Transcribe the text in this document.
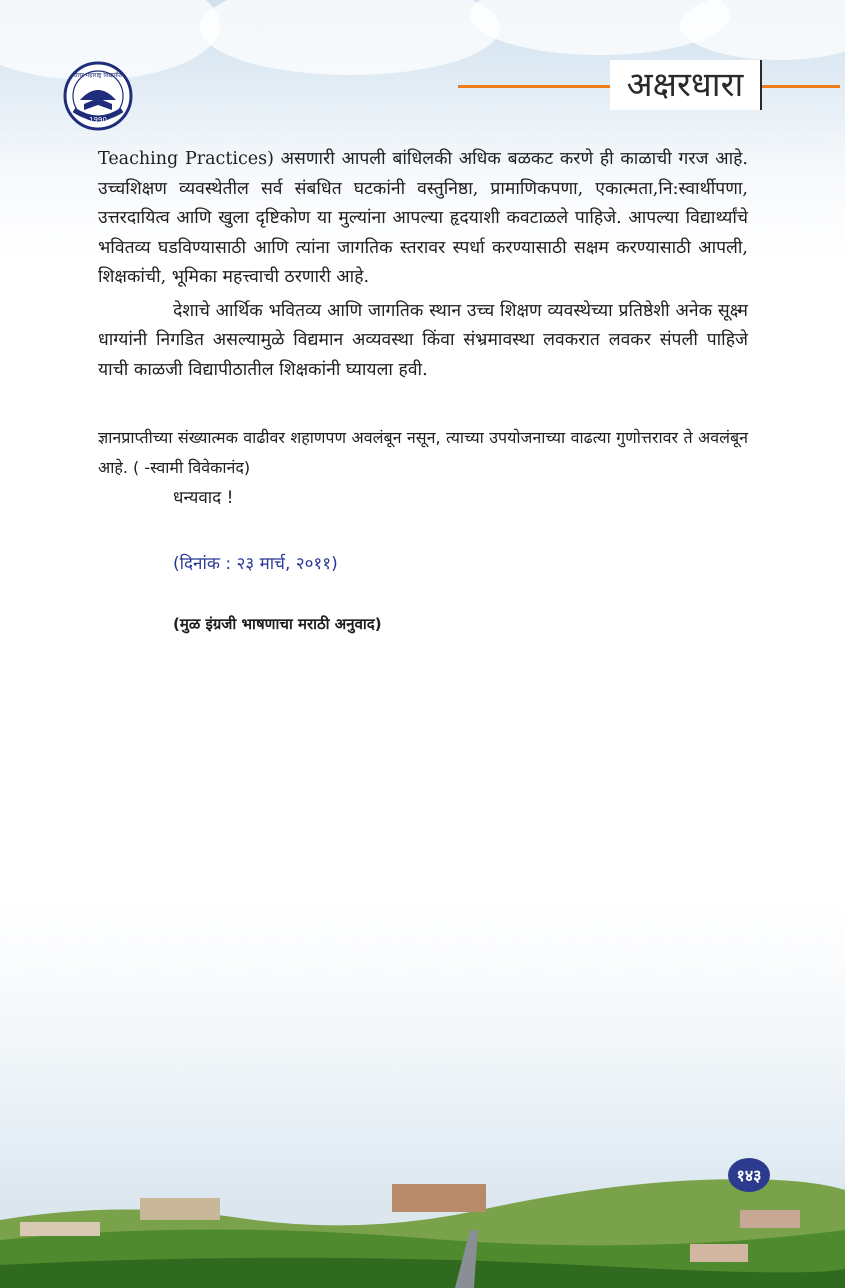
उत्तर महाराष्ट्र विद्यापीठ
1990
अक्षरधारा

Teaching Practices) असणारी आपली बांधिलकी अधिक बळकट करणे ही काळाची गरज आहे. उच्चशिक्षण व्यवस्थेतील सर्व संबधित घटकांनी वस्तुनिष्ठा, प्रामाणिकपणा, एकात्मता,नि:स्वार्थीपणा, उत्तरदायित्व आणि खुला दृष्टिकोण या मुल्यांना आपल्या हृदयाशी कवटाळले पाहिजे. आपल्या विद्यार्थ्यांचे भवितव्य घडविण्यासाठी आणि त्यांना जागतिक स्तरावर स्पर्धा करण्यासाठी सक्षम करण्यासाठी आपली, शिक्षकांची, भूमिका महत्त्वाची ठरणारी आहे.

देशाचे आर्थिक भवितव्य आणि जागतिक स्थान उच्च शिक्षण व्यवस्थेच्या प्रतिष्ठेशी अनेक सूक्ष्म धाग्यांनी निगडित असल्यामुळे विद्यमान अव्यवस्था किंवा संभ्रमावस्था लवकरात लवकर संपली पाहिजे याची काळजी विद्यापीठातील शिक्षकांनी घ्यायला हवी.

ज्ञानप्राप्तीच्या संख्यात्मक वाढीवर शहाणपण अवलंबून नसून, त्याच्या उपयोजनाच्या वाढत्या गुणोत्तरावर ते अवलंबून आहे. ( -स्वामी विवेकानंद)

धन्यवाद !

(दिनांक : २३ मार्च, २०११)

(मुळ इंग्रजी भाषणाचा मराठी अनुवाद)

१४३
